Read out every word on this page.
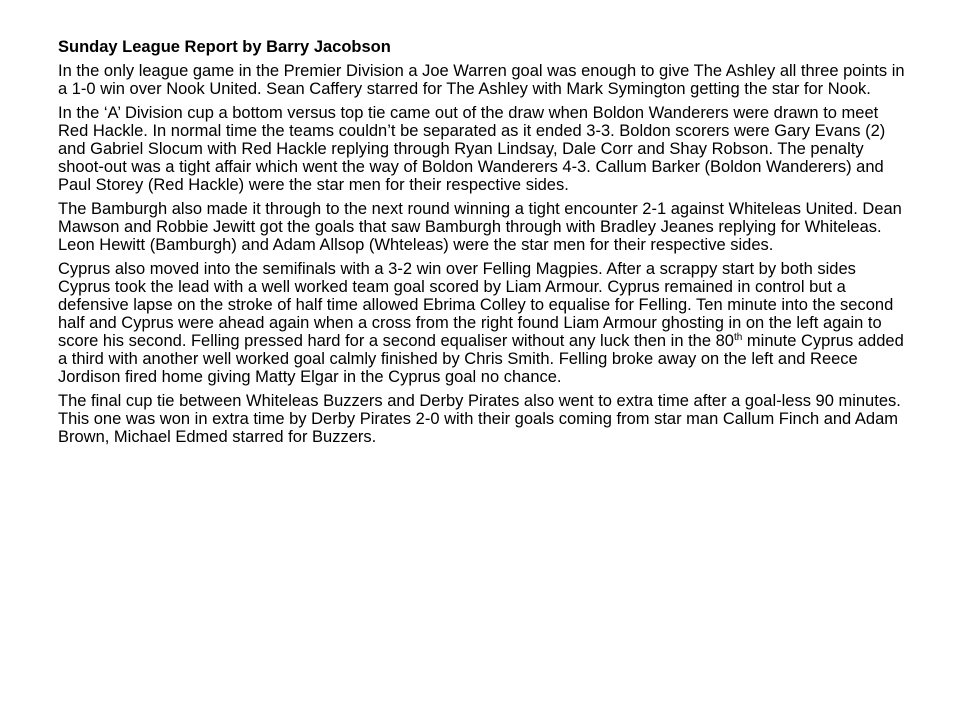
Sunday League Report by Barry Jacobson

In the only league game in the Premier Division a Joe Warren goal was enough to give The Ashley all three points in a 1-0 win over Nook United. Sean Caffery starred for The Ashley with Mark Symington getting the star for Nook.

In the ‘A’ Division cup a bottom versus top tie came out of the draw when Boldon Wanderers were drawn to meet Red Hackle. In normal time the teams couldn’t be separated as it ended 3-3. Boldon scorers were Gary Evans (2) and Gabriel Slocum with Red Hackle replying through Ryan Lindsay, Dale Corr and Shay Robson. The penalty shoot-out was a tight affair which went the way of Boldon Wanderers 4-3. Callum Barker (Boldon Wanderers) and Paul Storey (Red Hackle) were the star men for their respective sides.

The Bamburgh also made it through to the next round winning a tight encounter 2-1 against Whiteleas United. Dean Mawson and Robbie Jewitt got the goals that saw Bamburgh through with Bradley Jeanes replying for Whiteleas. Leon Hewitt (Bamburgh) and Adam Allsop (Whteleas) were the star men for their respective sides.

Cyprus also moved into the semifinals with a 3-2 win over Felling Magpies. After a scrappy start by both sides Cyprus took the lead with a well worked team goal scored by Liam Armour. Cyprus remained in control but a defensive lapse on the stroke of half time allowed Ebrima Colley to equalise for Felling. Ten minute into the second half and Cyprus were ahead again when a cross from the right found Liam Armour ghosting in on the left again to score his second. Felling pressed hard for a second equaliser without any luck then in the 80th minute Cyprus added a third with another well worked goal calmly finished by Chris Smith. Felling broke away on the left and Reece Jordison fired home giving Matty Elgar in the Cyprus goal no chance.

The final cup tie between Whiteleas Buzzers and Derby Pirates also went to extra time after a goal-less 90 minutes. This one was won in extra time by Derby Pirates 2-0 with their goals coming from star man Callum Finch and Adam Brown, Michael Edmed starred for Buzzers.
